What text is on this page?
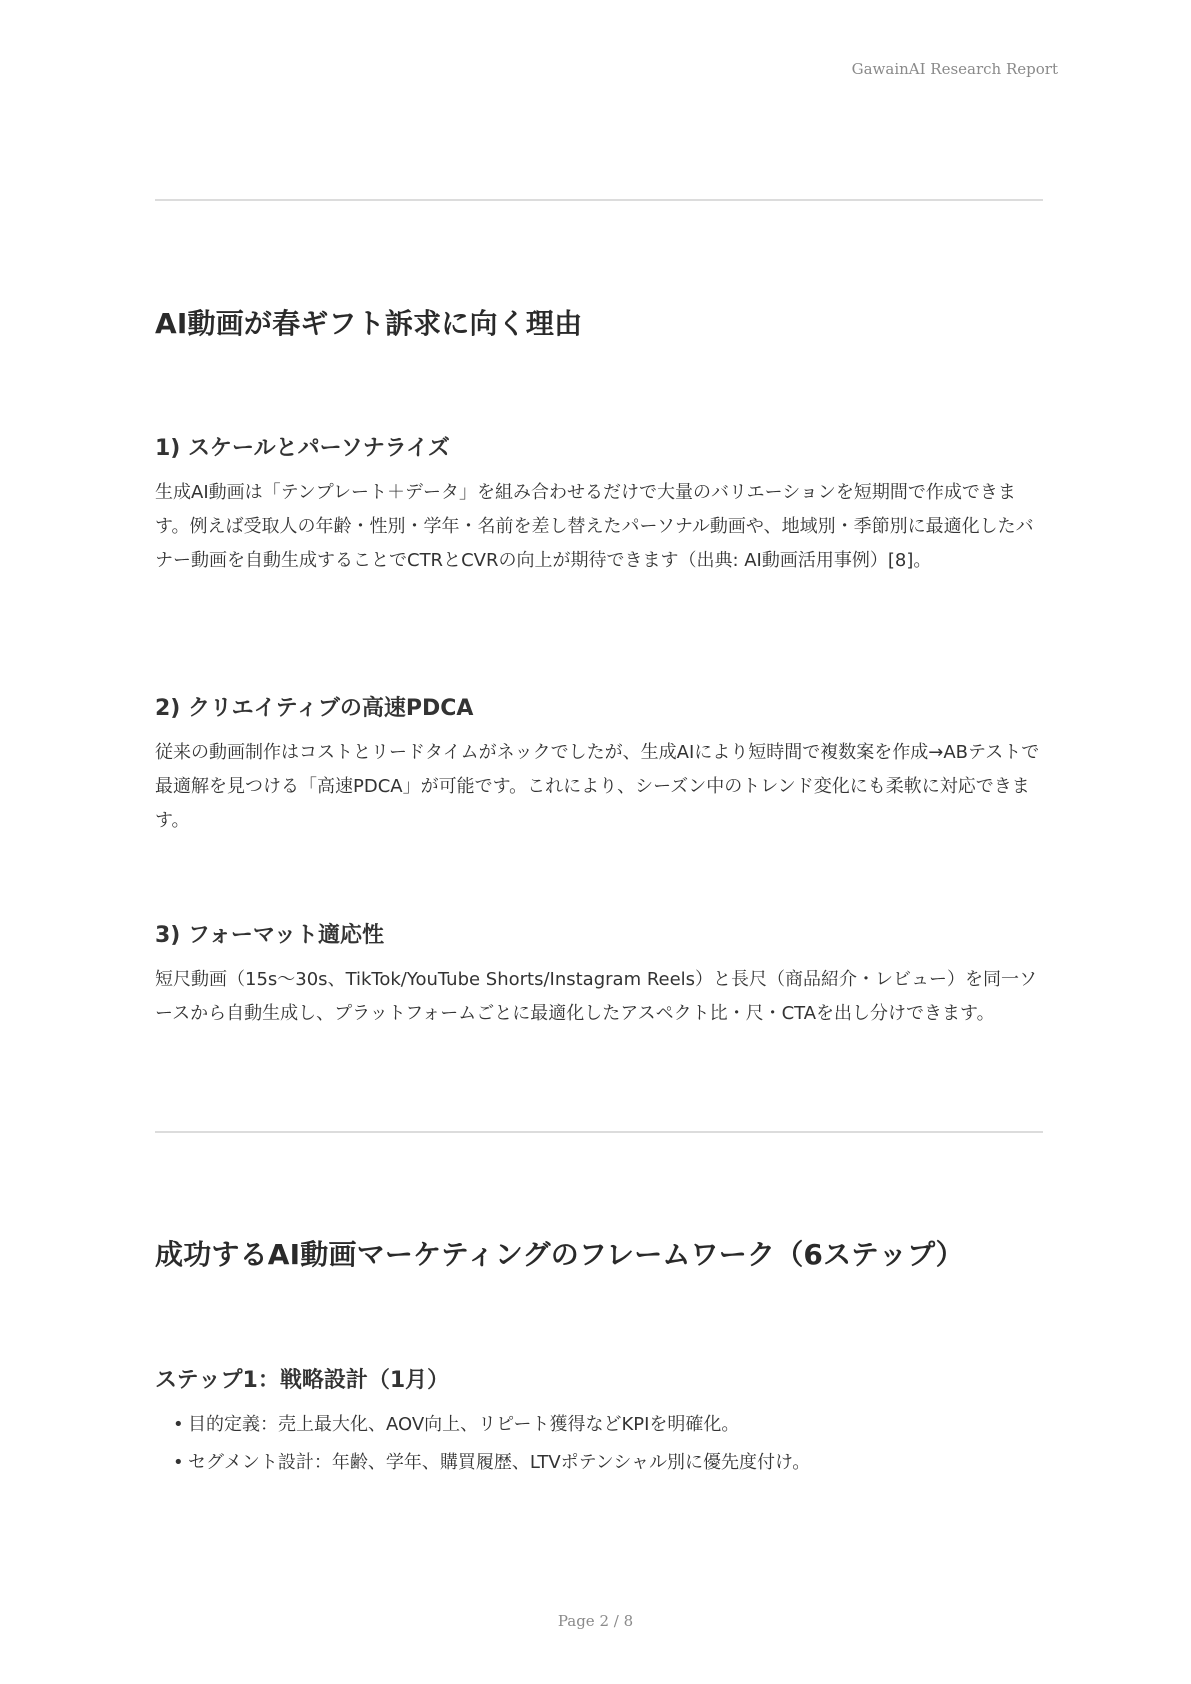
GawainAI Research Report

AI動画が春ギフト訴求に向く理由
1) スケールとパーソナライズ

生成AI動画は「テンプレート＋データ」を組み合わせるだけで大量のバリエーションを短期間で作成できます。例えば受取人の年齢・性別・学年・名前を差し替えたパーソナル動画や、地域別・季節別に最適化したバナー動画を自動生成することでCTRとCVRの向上が期待できます（出典: AI動画活用事例）[8]。

2) クリエイティブの高速PDCA

従来の動画制作はコストとリードタイムがネックでしたが、生成AIにより短時間で複数案を作成→ABテストで最適解を見つける「高速PDCA」が可能です。これにより、シーズン中のトレンド変化にも柔軟に対応できます。

3) フォーマット適応性

短尺動画（15s〜30s、TikTok/YouTube Shorts/Instagram Reels）と長尺（商品紹介・レビュー）を同一ソースから自動生成し、プラットフォームごとに最適化したアスペクト比・尺・CTAを出し分けできます。

成功するAI動画マーケティングのフレームワーク（6ステップ）
ステップ1：戦略設計（1月）
• 目的定義：売上最大化、AOV向上、リピート獲得などKPIを明確化。
• セグメント設計：年齢、学年、購買履歴、LTVポテンシャル別に優先度付け。

Page 2 / 8
